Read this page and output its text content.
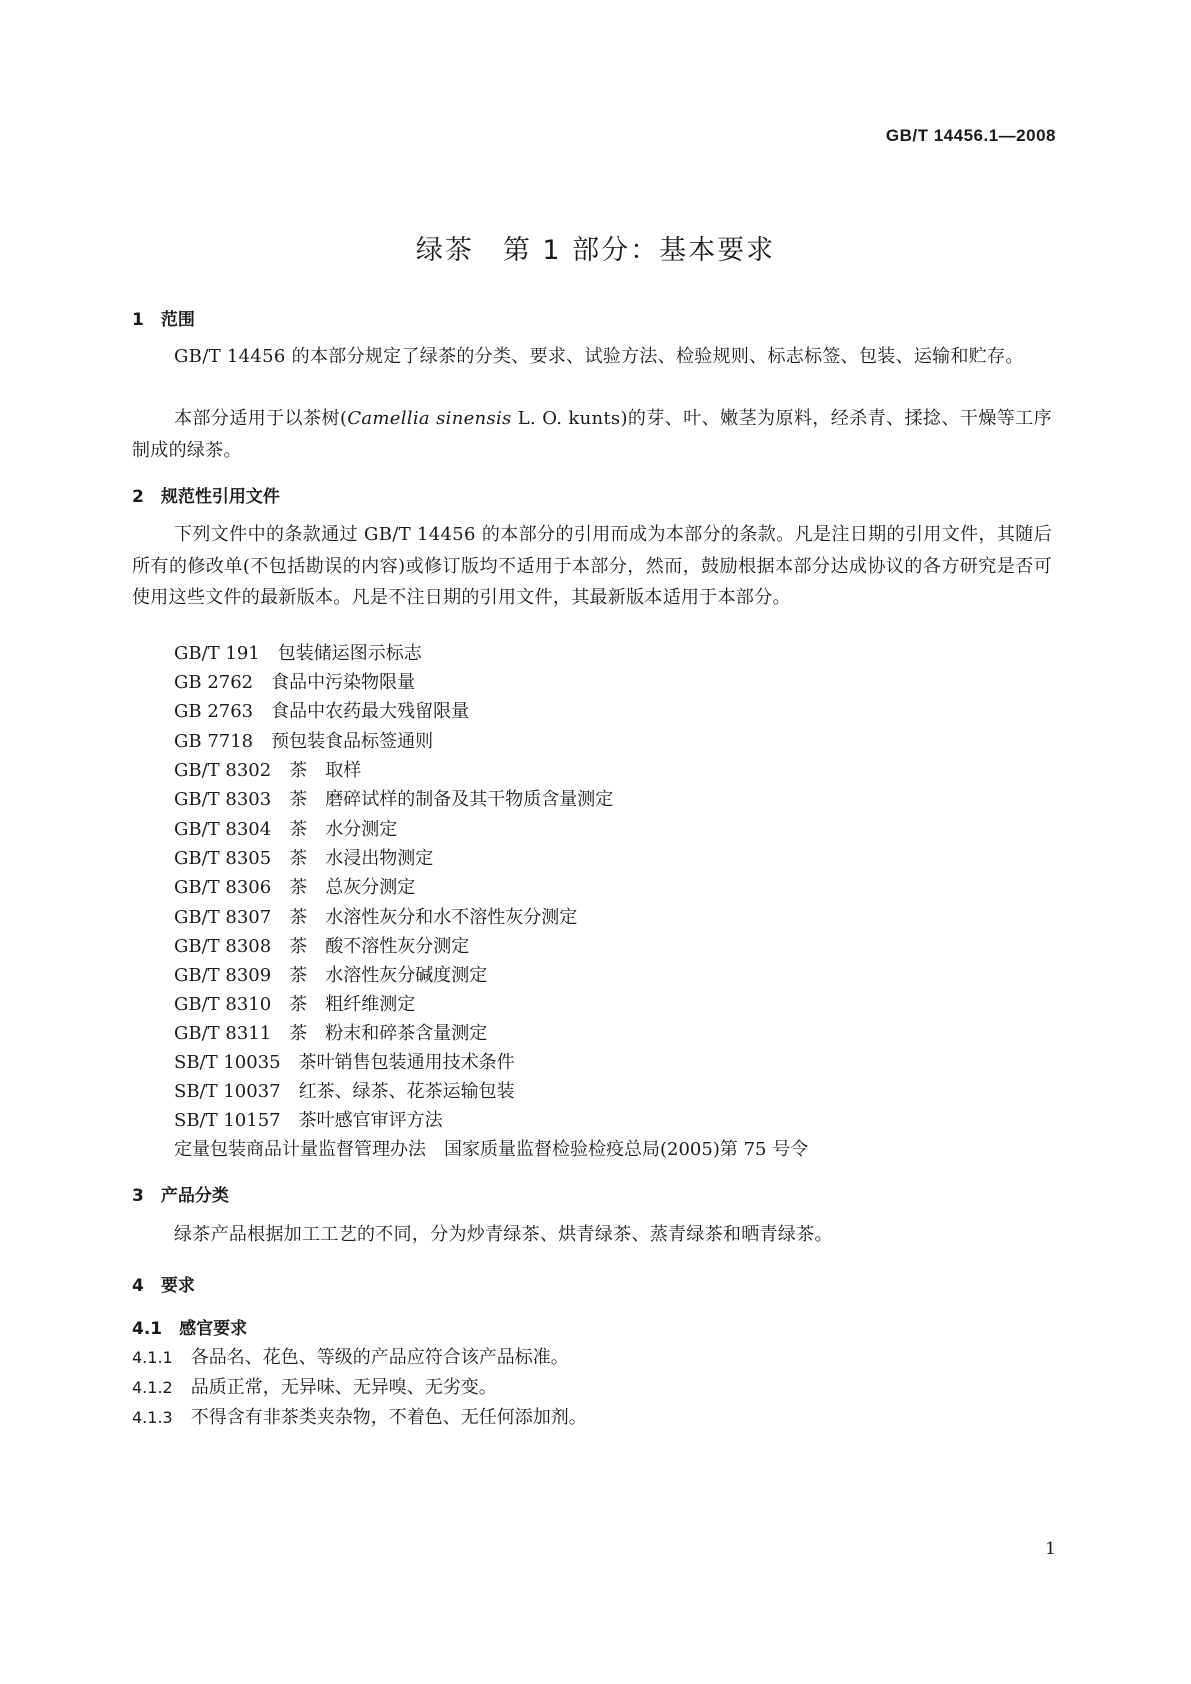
GB/T 14456.1—2008
绿茶　第 1 部分：基本要求
1　范围
GB/T 14456 的本部分规定了绿茶的分类、要求、试验方法、检验规则、标志标签、包装、运输和贮存。
本部分适用于以茶树(Camellia sinensis L. O. kunts)的芽、叶、嫩茎为原料，经杀青、揉捻、干燥等工序制成的绿茶。
2　规范性引用文件
下列文件中的条款通过 GB/T 14456 的本部分的引用而成为本部分的条款。凡是注日期的引用文件，其随后所有的修改单(不包括勘误的内容)或修订版均不适用于本部分，然而，鼓励根据本部分达成协议的各方研究是否可使用这些文件的最新版本。凡是不注日期的引用文件，其最新版本适用于本部分。
GB/T 191　包装储运图示标志
GB 2762　食品中污染物限量
GB 2763　食品中农药最大残留限量
GB 7718　预包装食品标签通则
GB/T 8302　茶　取样
GB/T 8303　茶　磨碎试样的制备及其干物质含量测定
GB/T 8304　茶　水分测定
GB/T 8305　茶　水浸出物测定
GB/T 8306　茶　总灰分测定
GB/T 8307　茶　水溶性灰分和水不溶性灰分测定
GB/T 8308　茶　酸不溶性灰分测定
GB/T 8309　茶　水溶性灰分碱度测定
GB/T 8310　茶　粗纤维测定
GB/T 8311　茶　粉末和碎茶含量测定
SB/T 10035　茶叶销售包装通用技术条件
SB/T 10037　红茶、绿茶、花茶运输包装
SB/T 10157　茶叶感官审评方法
定量包装商品计量监督管理办法　国家质量监督检验检疫总局(2005)第 75 号令
3　产品分类
绿茶产品根据加工工艺的不同，分为炒青绿茶、烘青绿茶、蒸青绿茶和晒青绿茶。
4　要求
4.1　感官要求
4.1.1　 各品名、花色、等级的产品应符合该产品标准。
4.1.2　 品质正常，无异味、无异嗅、无劣变。
4.1.3　 不得含有非茶类夹杂物，不着色、无任何添加剂。
1
